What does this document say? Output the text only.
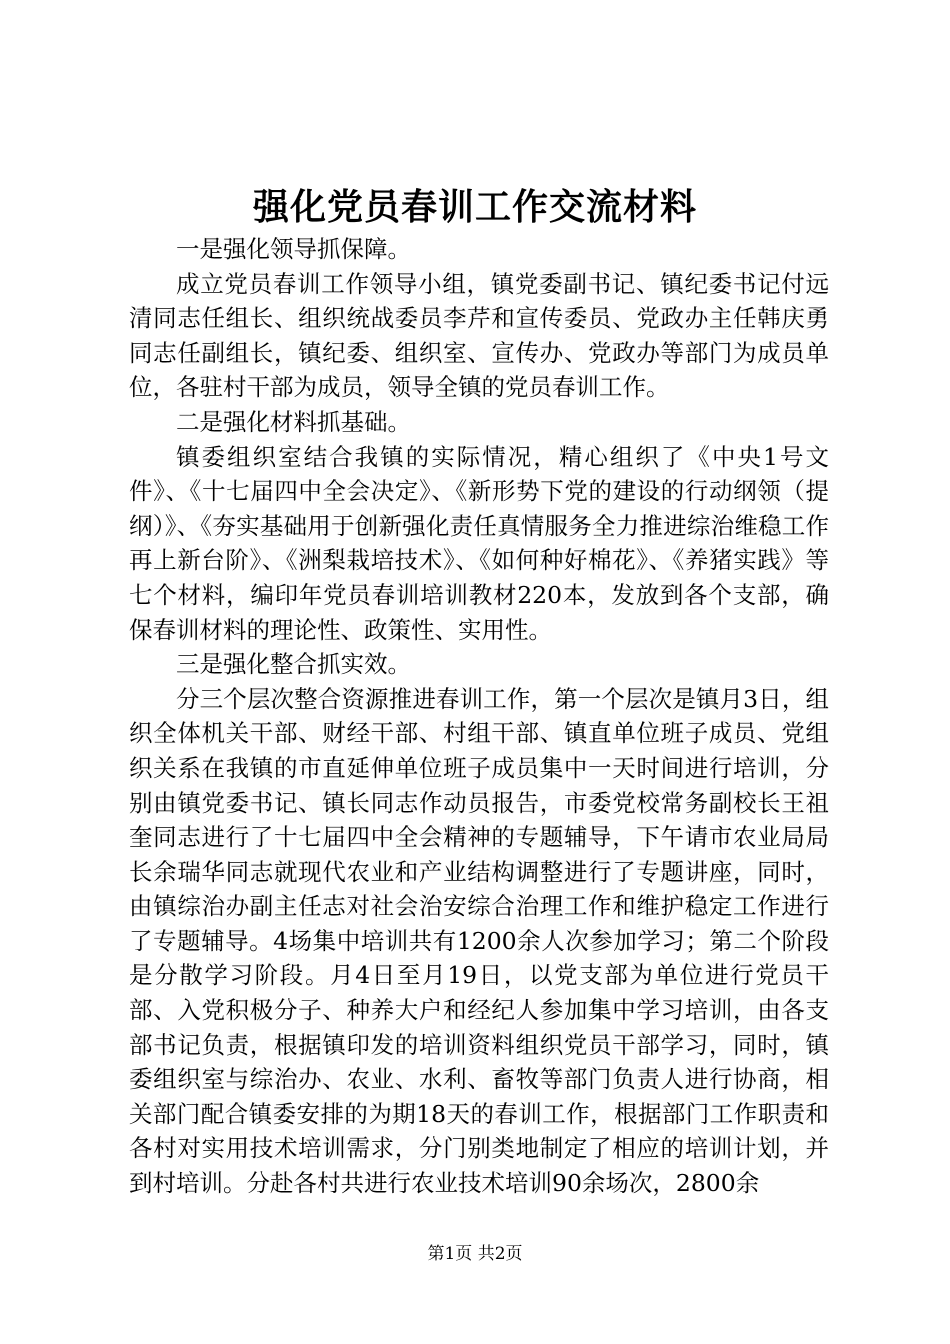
强化党员春训工作交流材料

一是强化领导抓保障。

成立党员春训工作领导小组，镇党委副书记、镇纪委书记付远清同志任组长、组织统战委员李芹和宣传委员、党政办主任韩庆勇同志任副组长，镇纪委、组织室、宣传办、党政办等部门为成员单位，各驻村干部为成员，领导全镇的党员春训工作。

二是强化材料抓基础。

镇委组织室结合我镇的实际情况，精心组织了《中央1号文件》、《十七届四中全会决定》、《新形势下党的建设的行动纲领（提纲）》、《夯实基础用于创新强化责任真情服务全力推进综治维稳工作再上新台阶》、《洲梨栽培技术》、《如何种好棉花》、《养猪实践》等七个材料，编印年党员春训培训教材220本，发放到各个支部，确保春训材料的理论性、政策性、实用性。

三是强化整合抓实效。

分三个层次整合资源推进春训工作，第一个层次是镇月3日，组织全体机关干部、财经干部、村组干部、镇直单位班子成员、党组织关系在我镇的市直延伸单位班子成员集中一天时间进行培训，分别由镇党委书记、镇长同志作动员报告，市委党校常务副校长王祖奎同志进行了十七届四中全会精神的专题辅导，下午请市农业局局长余瑞华同志就现代农业和产业结构调整进行了专题讲座，同时，由镇综治办副主任志对社会治安综合治理工作和维护稳定工作进行了专题辅导。4场集中培训共有1200余人次参加学习；第二个阶段是分散学习阶段。月4日至月19日，以党支部为单位进行党员干部、入党积极分子、种养大户和经纪人参加集中学习培训，由各支部书记负责，根据镇印发的培训资料组织党员干部学习，同时，镇委组织室与综治办、农业、水利、畜牧等部门负责人进行协商，相关部门配合镇委安排的为期18天的春训工作，根据部门工作职责和各村对实用技术培训需求，分门别类地制定了相应的培训计划，并到村培训。分赴各村共进行农业技术培训90余场次，2800余

第1页 共2页
